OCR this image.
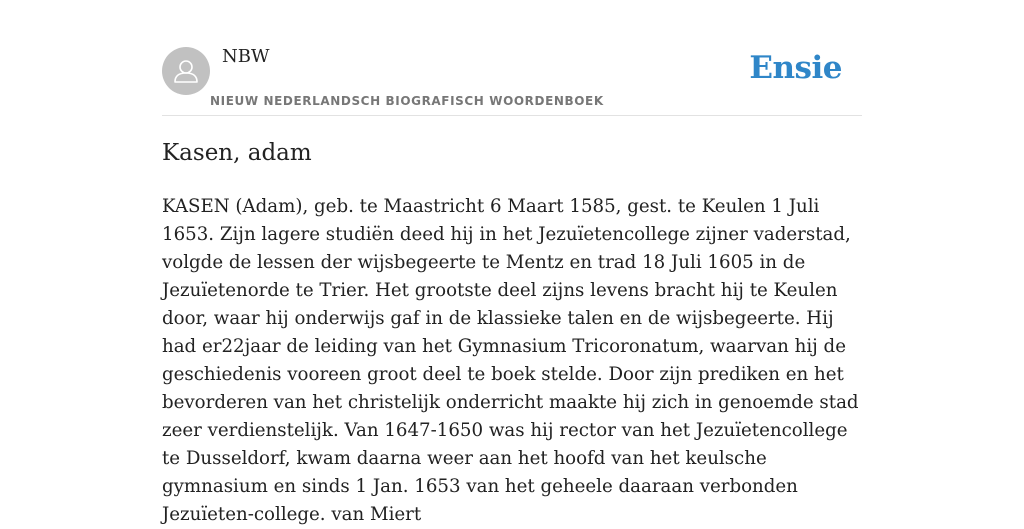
NBW
NIEUW NEDERLANDSCH BIOGRAFISCH WOORDENBOEK
Ensie
Kasen, adam

KASEN (Adam), geb. te Maastricht 6 Maart 1585, gest. te Keulen 1 Juli 1653. Zijn lagere studiën deed hij in het Jezuïetencollege zijner vaderstad, volgde de lessen der wijsbegeerte te Mentz en trad 18 Juli 1605 in de Jezuïetenorde te Trier. Het grootste deel zijns levens bracht hij te Keulen door, waar hij onderwijs gaf in de klassieke talen en de wijsbegeerte. Hij had er22jaar de leiding van het Gymnasium Tricoronatum, waarvan hij de geschiedenis vooreen groot deel te boek stelde. Door zijn prediken en het bevorderen van het christelijk onderricht maakte hij zich in genoemde stad zeer verdienstelijk. Van 1647-1650 was hij rector van het Jezuïetencollege te Dusseldorf, kwam daarna weer aan het hoofd van het keulsche gymnasium en sinds 1 Jan. 1653 van het geheele daaraan verbonden Jezuïeten-college. van Miert
